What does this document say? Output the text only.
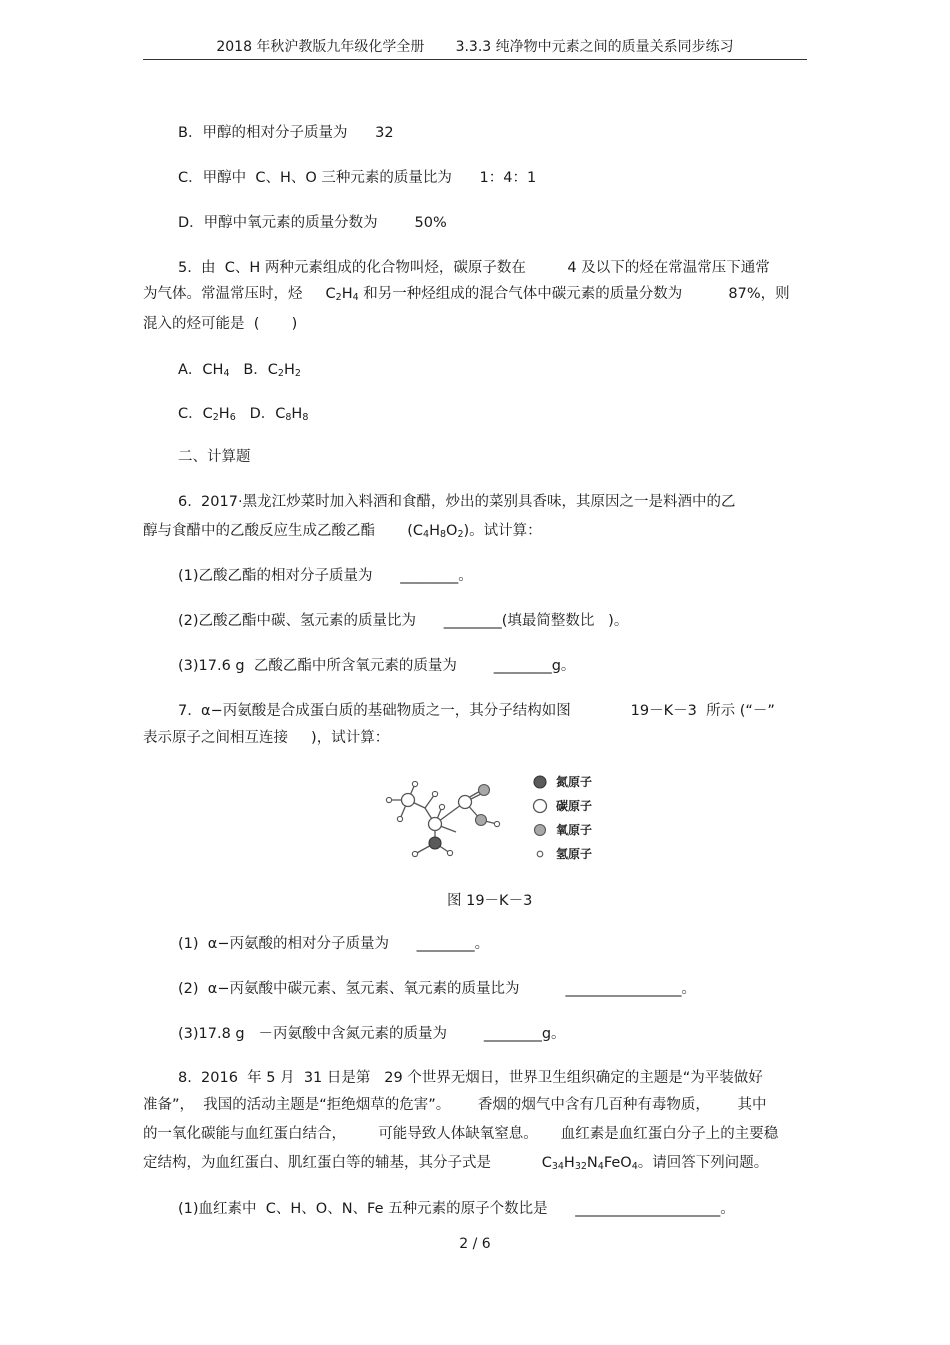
2018 年秋沪教版九年级化学全册       3.3.3 纯净物中元素之间的质量关系同步练习
B．甲醇的相对分子质量为      32
C．甲醇中  C、H、O 三种元素的质量比为      1：4：1
D．甲醇中氧元素的质量分数为        50%
5.  由  C、H 两种元素组成的化合物叫烃，碳原子数在         4 及以下的烃在常温常压下通常
为气体。常温常压时，烃     $C_2H_4$ 和另一种烃组成的混合气体中碳元素的质量分数为          87%，则
混入的烃可能是  (       )
A．$CH_4$   B．$C_2H_2$
C．$C_2H_6$   D．$C_8H_8$
二、计算题
6.  2017·黑龙江炒菜时加入料酒和食醋，炒出的菜别具香味，其原因之一是料酒中的乙
醇与食醋中的乙酸反应生成乙酸乙酯       $(C_4H_8O_2)$。试计算：
(1)乙酸乙酯的相对分子质量为      ________。
(2)乙酸乙酯中碳、氢元素的质量比为      ________(填最简整数比   )。
(3)17.6 g  乙酸乙酯中所含氧元素的质量为        ________g。
7.  α−丙氨酸是合成蛋白质的基础物质之一，其分子结构如图             19－K－3  所示 (“－”
表示原子之间相互连接     )，试计算：
氮原子
碳原子
氧原子
氢原子
图 19－K－3
(1)  α−丙氨酸的相对分子质量为      ________。
(2)  α−丙氨酸中碳元素、氢元素、氧元素的质量比为          ________________。
(3)17.8 g   －丙氨酸中含氮元素的质量为        ________g。
8.  2016  年 5 月  31 日是第   29 个世界无烟日，世界卫生组织确定的主题是“为平装做好
准备”，  我国的活动主题是“拒绝烟草的危害”。      香烟的烟气中含有几百种有毒物质，      其中
的一氧化碳能与血红蛋白结合，       可能导致人体缺氧窒息。     血红素是血红蛋白分子上的主要稳
定结构，为血红蛋白、肌红蛋白等的辅基，其分子式是           $C_{34}H_{32}N_4FeO_4$。请回答下列问题。
(1)血红素中  C、H、O、N、Fe 五种元素的原子个数比是      ____________________。
2 / 6
